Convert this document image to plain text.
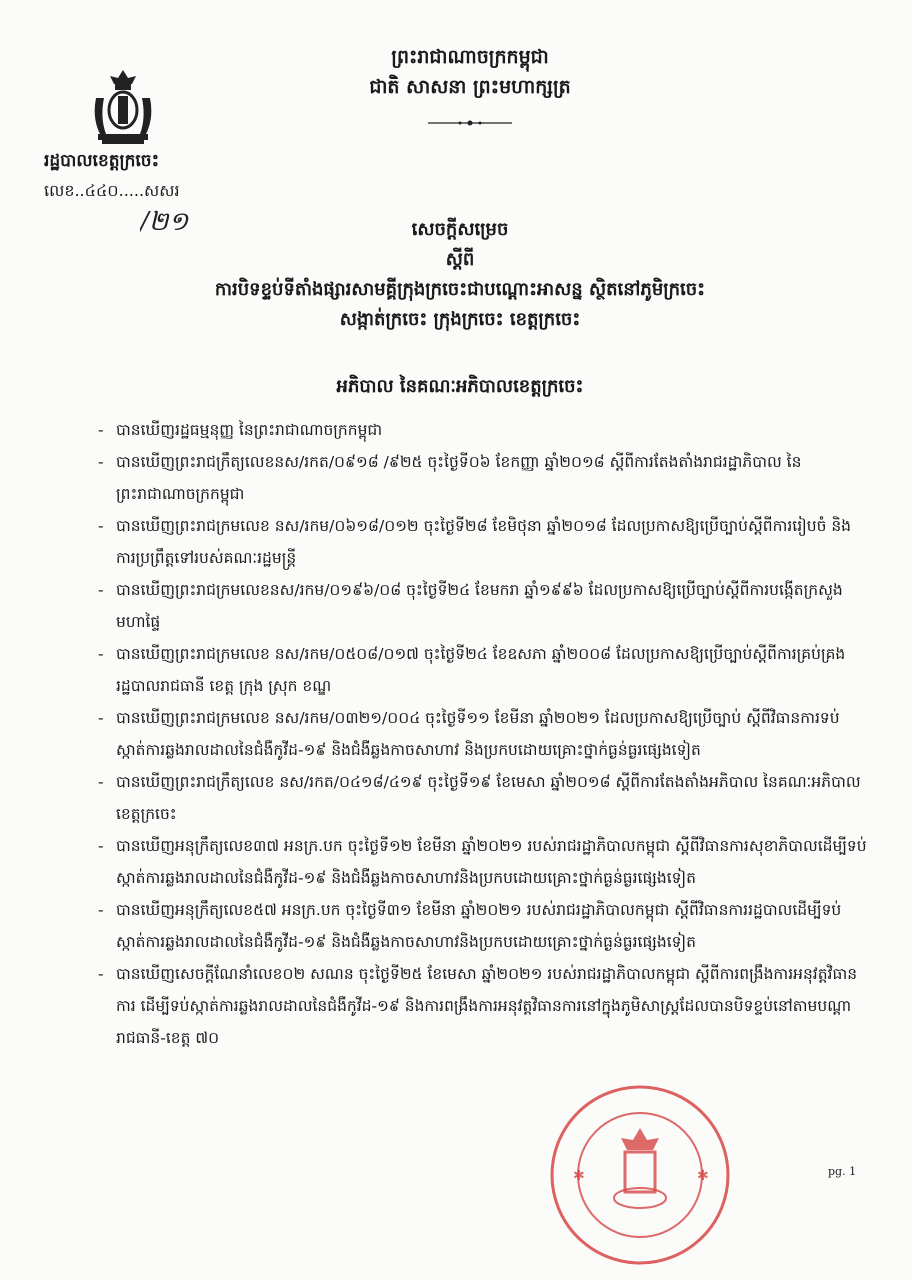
ព្រះរាជាណាចក្រកម្ពុជា
ជាតិ សាសនា ព្រះមហាក្សត្រ
រដ្ឋបាលខេត្តក្រចេះ
លេខ..៤៤០.....សសរ
/២១	សេចក្តីសម្រេច
ស្តីពី
ការបិទខ្ទប់ទីតាំងផ្សារសាមគ្គីក្រុងក្រចេះជាបណ្ដោះអាសន្ន ស្ថិតនៅភូមិក្រចេះ
សង្កាត់ក្រចេះ ក្រុងក្រចេះ ខេត្តក្រចេះ
អភិបាល នៃគណៈអភិបាលខេត្តក្រចេះ
- បានឃើញរដ្ឋធម្មនុញ្ញ នៃព្រះរាជាណាចក្រកម្ពុជា
- បានឃើញព្រះរាជក្រឹត្យលេខនស/រកត/០៩១៨ /៩២៥ ចុះថ្ងៃទី០៦ ខែកញ្ញា ឆ្នាំ២០១៨ ស្តីពីការតែងតាំងរាជរដ្ឋាភិបាល នៃព្រះរាជាណាចក្រកម្ពុជា
- បានឃើញព្រះរាជក្រមលេខ នស/រកម/០៦១៨/០១២ ចុះថ្ងៃទី២៨ ខែមិថុនា ឆ្នាំ២០១៨ ដែលប្រកាសឱ្យប្រើច្បាប់ស្តីពីការរៀបចំ និងការប្រព្រឹត្តទៅរបស់គណៈរដ្ឋមន្ត្រី
- បានឃើញព្រះរាជក្រមលេខនស/រកម/០១៩៦/០៨ ចុះថ្ងៃទី២៤ ខែមករា ឆ្នាំ១៩៩៦ ដែលប្រកាសឱ្យប្រើច្បាប់ស្តីពីការបង្កើតក្រសួងមហាផ្ទៃ
- បានឃើញព្រះរាជក្រមលេខ នស/រកម/០៥០៨/០១៧ ចុះថ្ងៃទី២៤ ខែឧសភា ឆ្នាំ២០០៨ ដែលប្រកាសឱ្យប្រើច្បាប់ស្តីពីការគ្រប់គ្រងរដ្ឋបាលរាជធានី ខេត្ត ក្រុង ស្រុក ខណ្ឌ
- បានឃើញព្រះរាជក្រមលេខ នស/រកម/០៣២១/០០៤ ចុះថ្ងៃទី១១ ខែមីនា ឆ្នាំ២០២១ ដែលប្រកាសឱ្យប្រើច្បាប់ ស្តីពីវិធានការទប់ស្កាត់ការឆ្លងរាលដាលនៃជំងឺកូវីដ-១៩ និងជំងឺឆ្លងកាចសាហាវ និងប្រកបដោយគ្រោះថ្នាក់ធ្ងន់ធ្ងរផ្សេងទៀត
- បានឃើញព្រះរាជក្រឹត្យលេខ នស/រកត/០៤១៨/៤១៩ ចុះថ្ងៃទី១៩ ខែមេសា ឆ្នាំ២០១៨ ស្តីពីការតែងតាំងអភិបាល នៃគណៈអភិបាលខេត្តក្រចេះ
- បានឃើញអនុក្រឹត្យលេខ៣៧ អនក្រ.បក ចុះថ្ងៃទី១២ ខែមីនា ឆ្នាំ២០២១ របស់រាជរដ្ឋាភិបាលកម្ពុជា ស្តីពីវិធានការសុខាភិបាលដើម្បីទប់ស្កាត់ការឆ្លងរាលដាលនៃជំងឺកូវីដ-១៩ និងជំងឺឆ្លងកាចសាហាវនិងប្រកបដោយគ្រោះថ្នាក់ធ្ងន់ធ្ងរផ្សេងទៀត
- បានឃើញអនុក្រឹត្យលេខ៥៧ អនក្រ.បក ចុះថ្ងៃទី៣១ ខែមីនា ឆ្នាំ២០២១ របស់រាជរដ្ឋាភិបាលកម្ពុជា ស្តីពីវិធានការរដ្ឋបាលដើម្បីទប់ស្កាត់ការឆ្លងរាលដាលនៃជំងឺកូវីដ-១៩ និងជំងឺឆ្លងកាចសាហាវនិងប្រកបដោយគ្រោះថ្នាក់ធ្ងន់ធ្ងរផ្សេងទៀត
- បានឃើញសេចក្តីណែនាំលេខ០២ សណន ចុះថ្ងៃទី២៥ ខែមេសា ឆ្នាំ២០២១ របស់រាជរដ្ឋាភិបាលកម្ពុជា ស្តីពីការពង្រឹងការអនុវត្តវិធានការ ដើម្បីទប់ស្កាត់ការឆ្លងរាលដាលនៃជំងឺកូវីដ-១៩ និងការពង្រឹងការអនុវត្តវិធានការនៅក្នុងភូមិសាស្ត្រដែលបានបិទខ្ទប់នៅតាមបណ្ដារាជធានី-ខេត្ត ៧០
✱	✱	pg. 1
